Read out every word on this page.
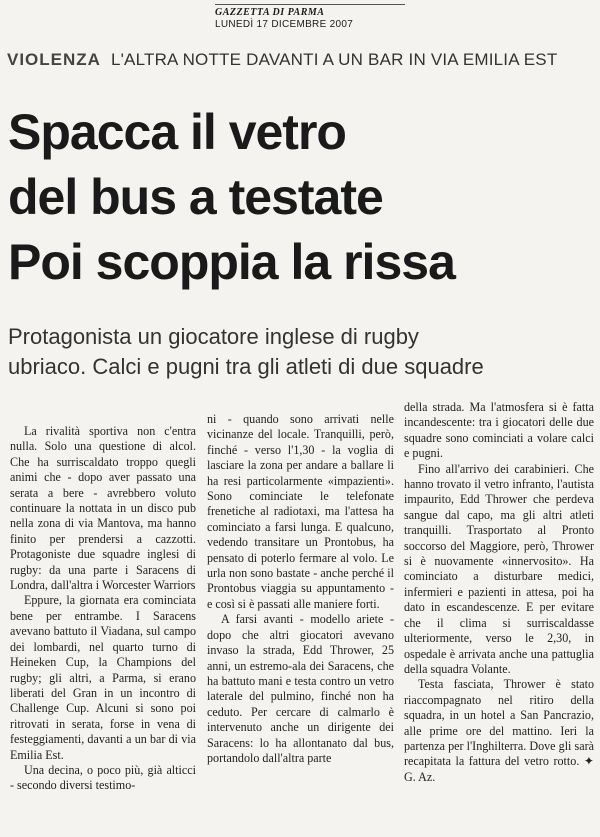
GAZZETTA DI PARMA
LUNEDÌ 17 DICEMBRE 2007
VIOLENZA L'ALTRA NOTTE DAVANTI A UN BAR IN VIA EMILIA EST
Spacca il vetro
del bus a testate
Poi scoppia la rissa
Protagonista un giocatore inglese di rugby
ubriaco. Calci e pugni tra gli atleti di due squadre

La rivalità sportiva non c'entra nulla. Solo una questione di alcol. Che ha surriscaldato troppo quegli animi che - dopo aver passato una serata a bere - avrebbero voluto continuare la nottata in un disco pub nella zona di via Mantova, ma hanno finito per prendersi a cazzotti. Protagoniste due squadre inglesi di rugby: da una parte i Saracens di Londra, dall'altra i Worcester Warriors

Eppure, la giornata era cominciata bene per entrambe. I Saracens avevano battuto il Viadana, sul campo dei lombardi, nel quarto turno di Heineken Cup, la Champions del rugby; gli altri, a Parma, si erano liberati del Gran in un incontro di Challenge Cup. Alcuni si sono poi ritrovati in serata, forse in vena di festeggiamenti, davanti a un bar di via Emilia Est.

Una decina, o poco più, già alticci - secondo diversi testimo-

ni - quando sono arrivati nelle vicinanze del locale. Tranquilli, però, finché - verso l'1,30 - la voglia di lasciare la zona per andare a ballare li ha resi particolarmente «impazienti». Sono cominciate le telefonate frenetiche al radiotaxi, ma l'attesa ha cominciato a farsi lunga. E qualcuno, vedendo transitare un Prontobus, ha pensato di poterlo fermare al volo. Le urla non sono bastate - anche perché il Prontobus viaggia su appuntamento - e così si è passati alle maniere forti.

A farsi avanti - modello ariete - dopo che altri giocatori avevano invaso la strada, Edd Thrower, 25 anni, un estremo-ala dei Saracens, che ha battuto mani e testa contro un vetro laterale del pulmino, finché non ha ceduto. Per cercare di calmarlo è intervenuto anche un dirigente dei Saracens: lo ha allontanato dal bus, portandolo dall'altra parte

della strada. Ma l'atmosfera si è fatta incandescente: tra i giocatori delle due squadre sono cominciati a volare calci e pugni.

Fino all'arrivo dei carabinieri. Che hanno trovato il vetro infranto, l'autista impaurito, Edd Thrower che perdeva sangue dal capo, ma gli altri atleti tranquilli. Trasportato al Pronto soccorso del Maggiore, però, Thrower si è nuovamente «innervosito». Ha cominciato a disturbare medici, infermieri e pazienti in attesa, poi ha dato in escandescenze. E per evitare che il clima si surriscaldasse ulteriormente, verso le 2,30, in ospedale è arrivata anche una pattuglia della squadra Volante.

Testa fasciata, Thrower è stato riaccompagnato nel ritiro della squadra, in un hotel a San Pancrazio, alle prime ore del mattino. Ieri la partenza per l'Inghilterra. Dove gli sarà recapitata la fattura del vetro rotto. ✦ G. Az.
